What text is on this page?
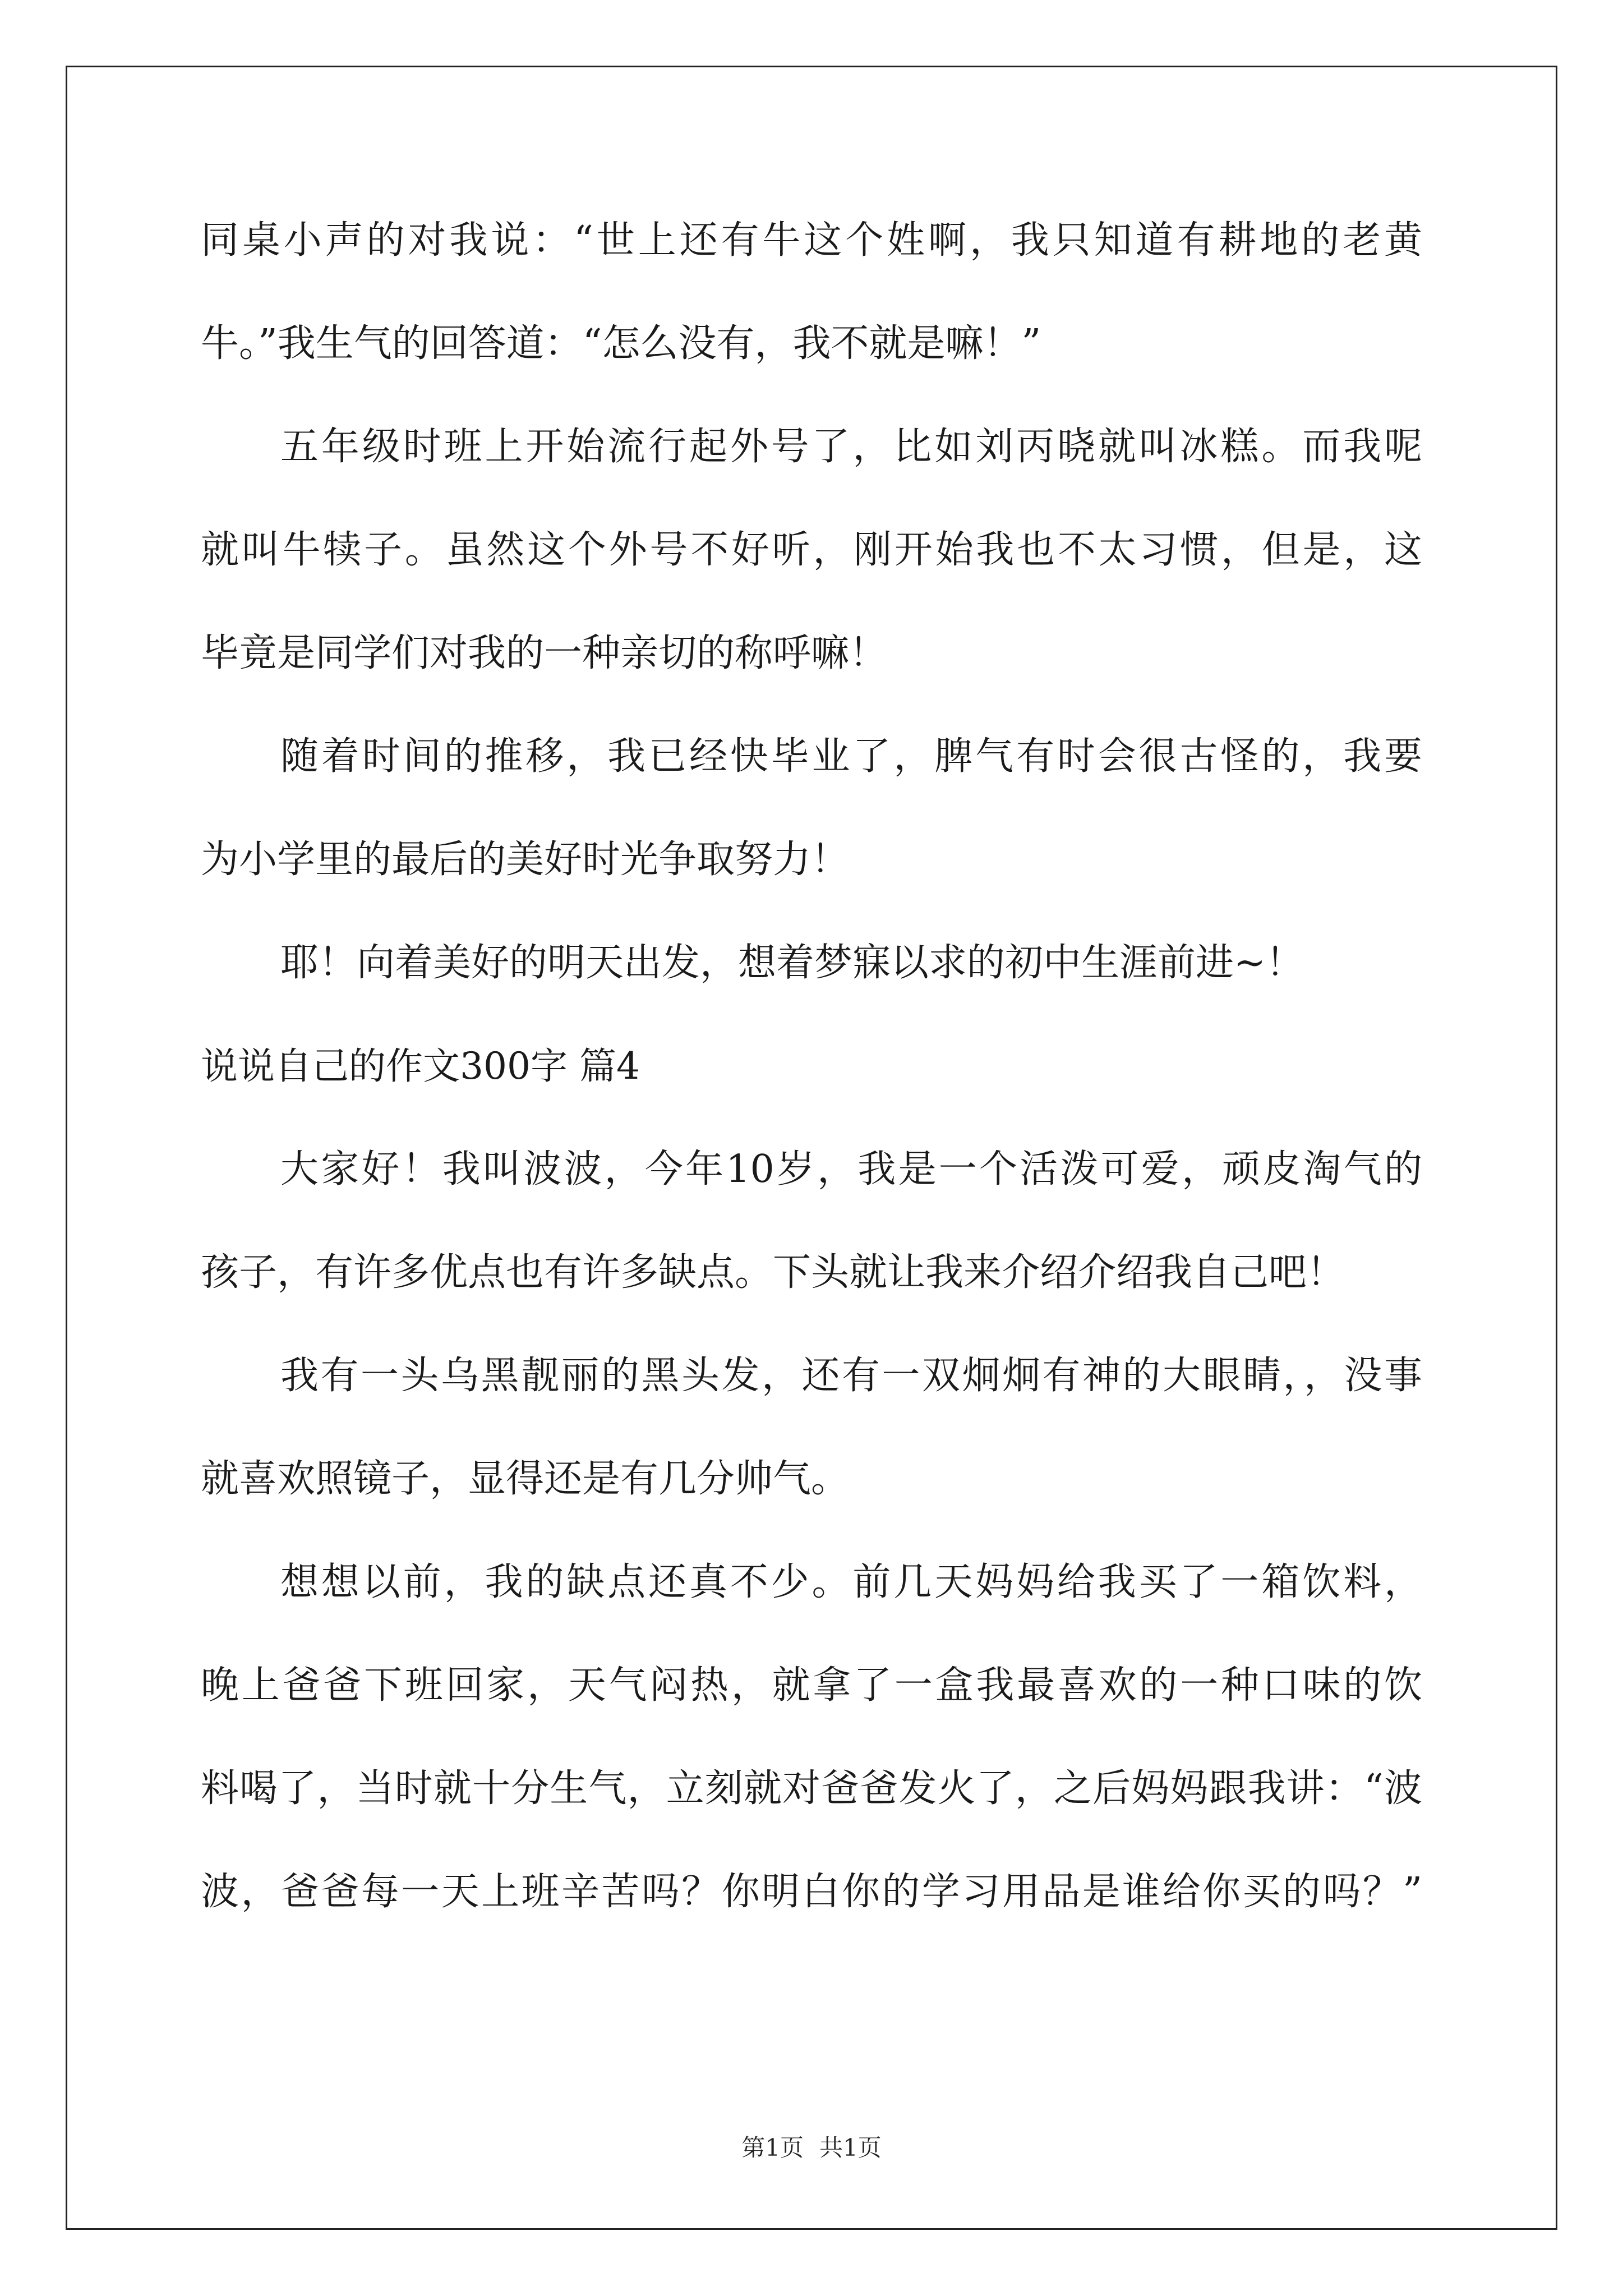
同桌小声的对我说：“世上还有牛这个姓啊，我只知道有耕地的老黄
牛。”我生气的回答道：“怎么没有，我不就是嘛！”
五年级时班上开始流行起外号了，比如刘丙晓就叫冰糕。而我呢
就叫牛犊子。虽然这个外号不好听，刚开始我也不太习惯，但是，这
毕竟是同学们对我的一种亲切的称呼嘛！
随着时间的推移，我已经快毕业了，脾气有时会很古怪的，我要
为小学里的最后的美好时光争取努力！
耶！向着美好的明天出发，想着梦寐以求的初中生涯前进~！
说说自己的作文300字 篇4
大家好！我叫波波，今年10岁，我是一个活泼可爱，顽皮淘气的
孩子，有许多优点也有许多缺点。下头就让我来介绍介绍我自己吧！
我有一头乌黑靓丽的黑头发，还有一双炯炯有神的大眼睛，，没事
就喜欢照镜子，显得还是有几分帅气。
想想以前，我的缺点还真不少。前几天妈妈给我买了一箱饮料，
晚上爸爸下班回家，天气闷热，就拿了一盒我最喜欢的一种口味的饮
料喝了，当时就十分生气，立刻就对爸爸发火了，之后妈妈跟我讲：“波
波，爸爸每一天上班辛苦吗？你明白你的学习用品是谁给你买的吗？”
第1页 共1页
